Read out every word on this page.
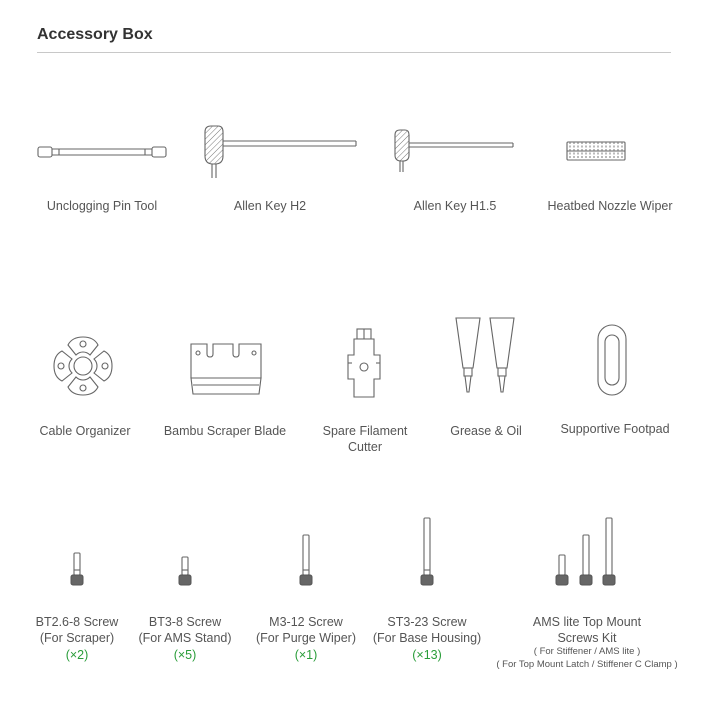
Accessory Box
Unclogging Pin Tool	Allen Key H2	Allen Key H1.5	Heatbed Nozzle Wiper
Cable Organizer	Bambu Scraper Blade	Spare Filament
Cutter
Grease & Oil	Supportive Footpad
BT2.6-8 Screw
(For Scraper)
(×2)
BT3-8 Screw
(For AMS Stand)
(×5)
M3-12 Screw
(For Purge Wiper)
(×1)
ST3-23 Screw
(For Base Housing)
(×13)
AMS lite Top Mount
Screws Kit
( For Stiffener / AMS lite )
( For Top Mount Latch / Stiffener C Clamp )
